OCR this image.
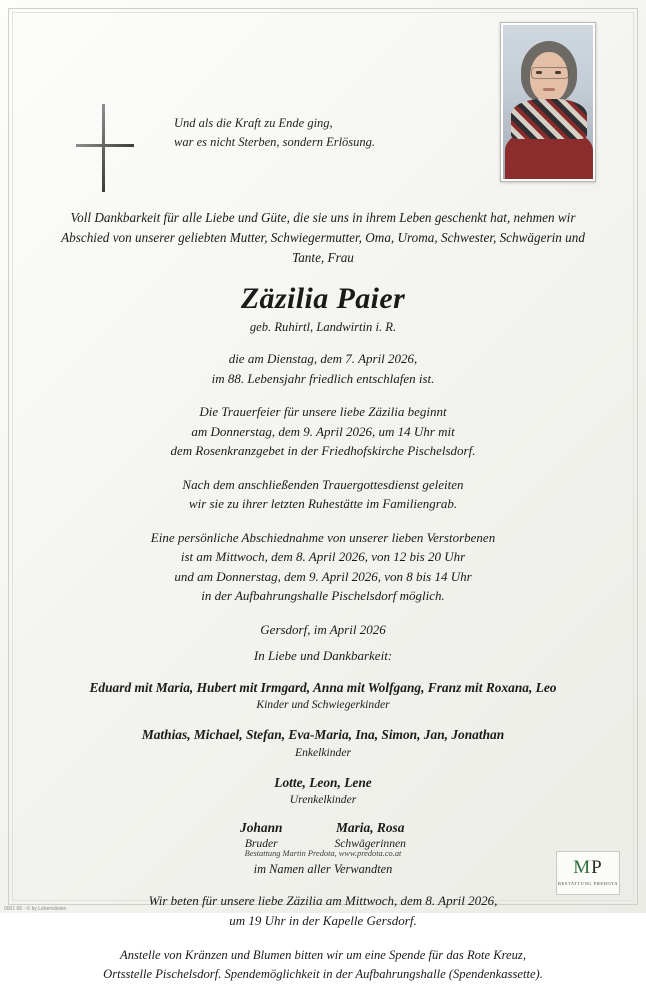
Und als die Kraft zu Ende ging,
war es nicht Sterben, sondern Erlösung.
Voll Dankbarkeit für alle Liebe und Güte, die sie uns in ihrem Leben geschenkt hat, nehmen wir Abschied von unserer geliebten Mutter, Schwiegermutter, Oma, Uroma, Schwester, Schwägerin und Tante, Frau
Zäzilia Paier
geb. Ruhirtl, Landwirtin i. R.
die am Dienstag, dem 7. April 2026,
im 88. Lebensjahr friedlich entschlafen ist.
Die Trauerfeier für unsere liebe Zäzilia beginnt
am Donnerstag, dem 9. April 2026, um 14 Uhr mit
dem Rosenkranzgebet in der Friedhofskirche Pischelsdorf.
Nach dem anschließenden Trauergottesdienst geleiten
wir sie zu ihrer letzten Ruhestätte im Familiengrab.
Eine persönliche Abschiednahme von unserer lieben Verstorbenen
ist am Mittwoch, dem 8. April 2026, von 12 bis 20 Uhr
und am Donnerstag, dem 9. April 2026, von 8 bis 14 Uhr
in der Aufbahrungshalle Pischelsdorf möglich.
Gersdorf, im April 2026
In Liebe und Dankbarkeit:
Eduard mit Maria, Hubert mit Irmgard, Anna mit Wolfgang, Franz mit Roxana, Leo
Kinder und Schwiegerkinder
Mathias, Michael, Stefan, Eva-Maria, Ina, Simon, Jan, Jonathan
Enkelkinder
Lotte, Leon, Lene
Urenkelkinder
Johann
Bruder
Maria, Rosa
Schwägerinnen
im Namen aller Verwandten
Wir beten für unsere liebe Zäzilia am Mittwoch, dem 8. April 2026,
um 19 Uhr in der Kapelle Gersdorf.
Anstelle von Kränzen und Blumen bitten wir um eine Spende für das Rote Kreuz,
Ortsstelle Pischelsdorf. Spendemöglichkeit in der Aufbahrungshalle (Spendenkassette).
Bestattung Martin Predota, www.predota.co.at
MP
BESTATTUNG PREDOTA
0001 05 - © by Lebenslinien
